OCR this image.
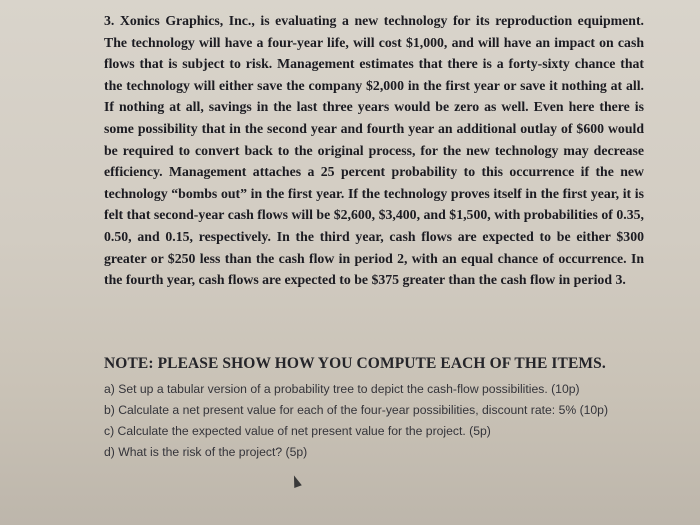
3. Xonics Graphics, Inc., is evaluating a new technology for its reproduction equipment. The technology will have a four-year life, will cost $1,000, and will have an impact on cash flows that is subject to risk. Management estimates that there is a forty-sixty chance that the technology will either save the company $2,000 in the first year or save it nothing at all. If nothing at all, savings in the last three years would be zero as well. Even here there is some possibility that in the second year and fourth year an additional outlay of $600 would be required to convert back to the original process, for the new technology may decrease efficiency. Management attaches a 25 percent probability to this occurrence if the new technology “bombs out” in the first year. If the technology proves itself in the first year, it is felt that second-year cash flows will be $2,600, $3,400, and $1,500, with probabilities of 0.35, 0.50, and 0.15, respectively. In the third year, cash flows are expected to be either $300 greater or $250 less than the cash flow in period 2, with an equal chance of occurrence. In the fourth year, cash flows are expected to be $375 greater than the cash flow in period 3.

NOTE: PLEASE SHOW HOW YOU COMPUTE EACH OF THE ITEMS.
a) Set up a tabular version of a probability tree to depict the cash-flow possibilities. (10p)
b) Calculate a net present value for each of the four-year possibilities, discount rate: 5% (10p)
c) Calculate the expected value of net present value for the project. (5p)
d) What is the risk of the project? (5p)
